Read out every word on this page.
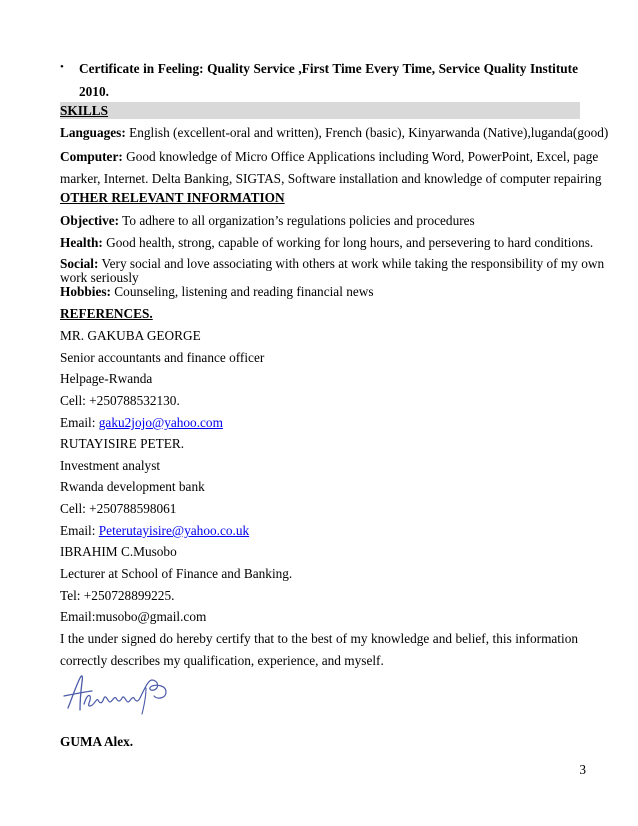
• Certificate in Feeling: Quality Service ,First Time Every Time, Service Quality Institute
2010.
SKILLS
Languages: English (excellent-oral and written), French (basic), Kinyarwanda (Native),luganda(good)
Computer: Good knowledge of Micro Office Applications including Word, PowerPoint, Excel, page
marker, Internet. Delta Banking, SIGTAS, Software installation and knowledge of computer repairing
OTHER RELEVANT INFORMATION
Objective: To adhere to all organization’s regulations policies and procedures
Health: Good health, strong, capable of working for long hours, and persevering to hard conditions.
Social: Very social and love associating with others at work while taking the responsibility of my own
work seriously
Hobbies: Counseling, listening and reading financial news
REFERENCES.
MR. GAKUBA GEORGE
Senior accountants and finance officer
Helpage-Rwanda
Cell: +250788532130.
Email: gaku2jojo@yahoo.com
RUTAYISIRE PETER.
Investment analyst
Rwanda development bank
Cell: +250788598061
Email: Peterutayisire@yahoo.co.uk
IBRAHIM C.Musobo
Lecturer at School of Finance and Banking.
Tel: +250728899225.
Email:musobo@gmail.com
I the under signed do hereby certify that to the best of my knowledge and belief, this information
correctly describes my qualification, experience, and myself.
GUMA Alex.
3
